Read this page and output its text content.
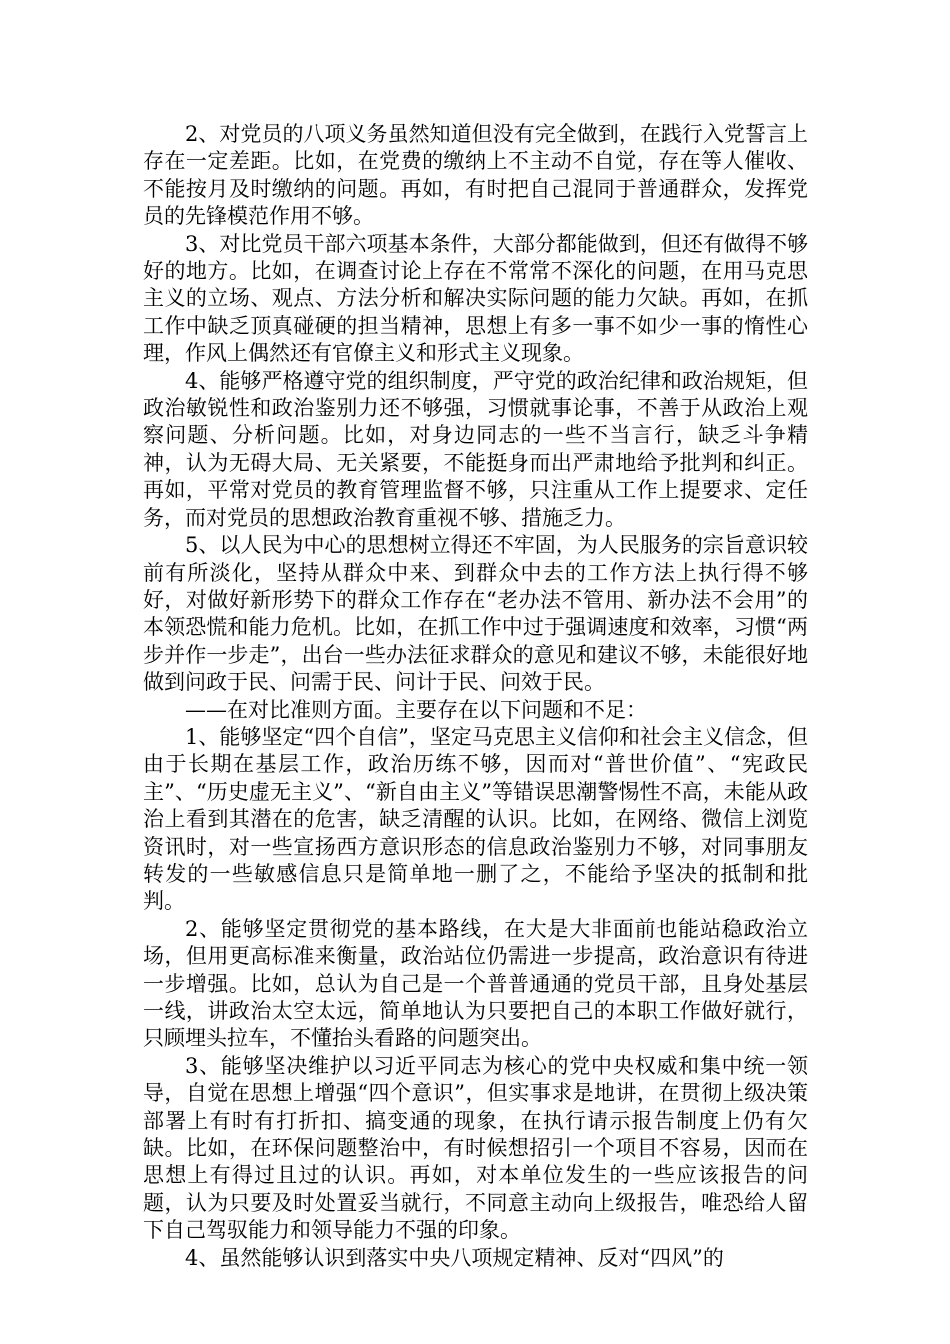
2、对党员的八项义务虽然知道但没有完全做到，在践行入党誓言上存在一定差距。比如，在党费的缴纳上不主动不自觉，存在等人催收、不能按月及时缴纳的问题。再如，有时把自己混同于普通群众，发挥党员的先锋模范作用不够。

3、对比党员干部六项基本条件，大部分都能做到，但还有做得不够好的地方。比如，在调查讨论上存在不常常不深化的问题，在用马克思主义的立场、观点、方法分析和解决实际问题的能力欠缺。再如，在抓工作中缺乏顶真碰硬的担当精神，思想上有多一事不如少一事的惰性心理，作风上偶然还有官僚主义和形式主义现象。

4、能够严格遵守党的组织制度，严守党的政治纪律和政治规矩，但政治敏锐性和政治鉴别力还不够强，习惯就事论事，不善于从政治上观察问题、分析问题。比如，对身边同志的一些不当言行，缺乏斗争精神，认为无碍大局、无关紧要，不能挺身而出严肃地给予批判和纠正。再如，平常对党员的教育管理监督不够，只注重从工作上提要求、定任务，而对党员的思想政治教育重视不够、措施乏力。

5、以人民为中心的思想树立得还不牢固，为人民服务的宗旨意识较前有所淡化，坚持从群众中来、到群众中去的工作方法上执行得不够好，对做好新形势下的群众工作存在“老办法不管用、新办法不会用”的本领恐慌和能力危机。比如，在抓工作中过于强调速度和效率，习惯“两步并作一步走”，出台一些办法征求群众的意见和建议不够，未能很好地做到问政于民、问需于民、问计于民、问效于民。

——在对比准则方面。主要存在以下问题和不足：

1、能够坚定“四个自信”，坚定马克思主义信仰和社会主义信念，但由于长期在基层工作，政治历练不够，因而对“普世价值”、“宪政民主”、“历史虚无主义”、“新自由主义”等错误思潮警惕性不高，未能从政治上看到其潜在的危害，缺乏清醒的认识。比如，在网络、微信上浏览资讯时，对一些宣扬西方意识形态的信息政治鉴别力不够，对同事朋友转发的一些敏感信息只是简单地一删了之，不能给予坚决的抵制和批判。

2、能够坚定贯彻党的基本路线，在大是大非面前也能站稳政治立场，但用更高标准来衡量，政治站位仍需进一步提高，政治意识有待进一步增强。比如，总认为自己是一个普普通通的党员干部，且身处基层一线，讲政治太空太远，简单地认为只要把自己的本职工作做好就行，只顾埋头拉车，不懂抬头看路的问题突出。

3、能够坚决维护以习近平同志为核心的党中央权威和集中统一领导，自觉在思想上增强“四个意识”，但实事求是地讲，在贯彻上级决策部署上有时有打折扣、搞变通的现象，在执行请示报告制度上仍有欠缺。比如，在环保问题整治中，有时候想招引一个项目不容易，因而在思想上有得过且过的认识。再如，对本单位发生的一些应该报告的问题，认为只要及时处置妥当就行，不同意主动向上级报告，唯恐给人留下自己驾驭能力和领导能力不强的印象。

4、虽然能够认识到落实中央八项规定精神、反对“四风”的
